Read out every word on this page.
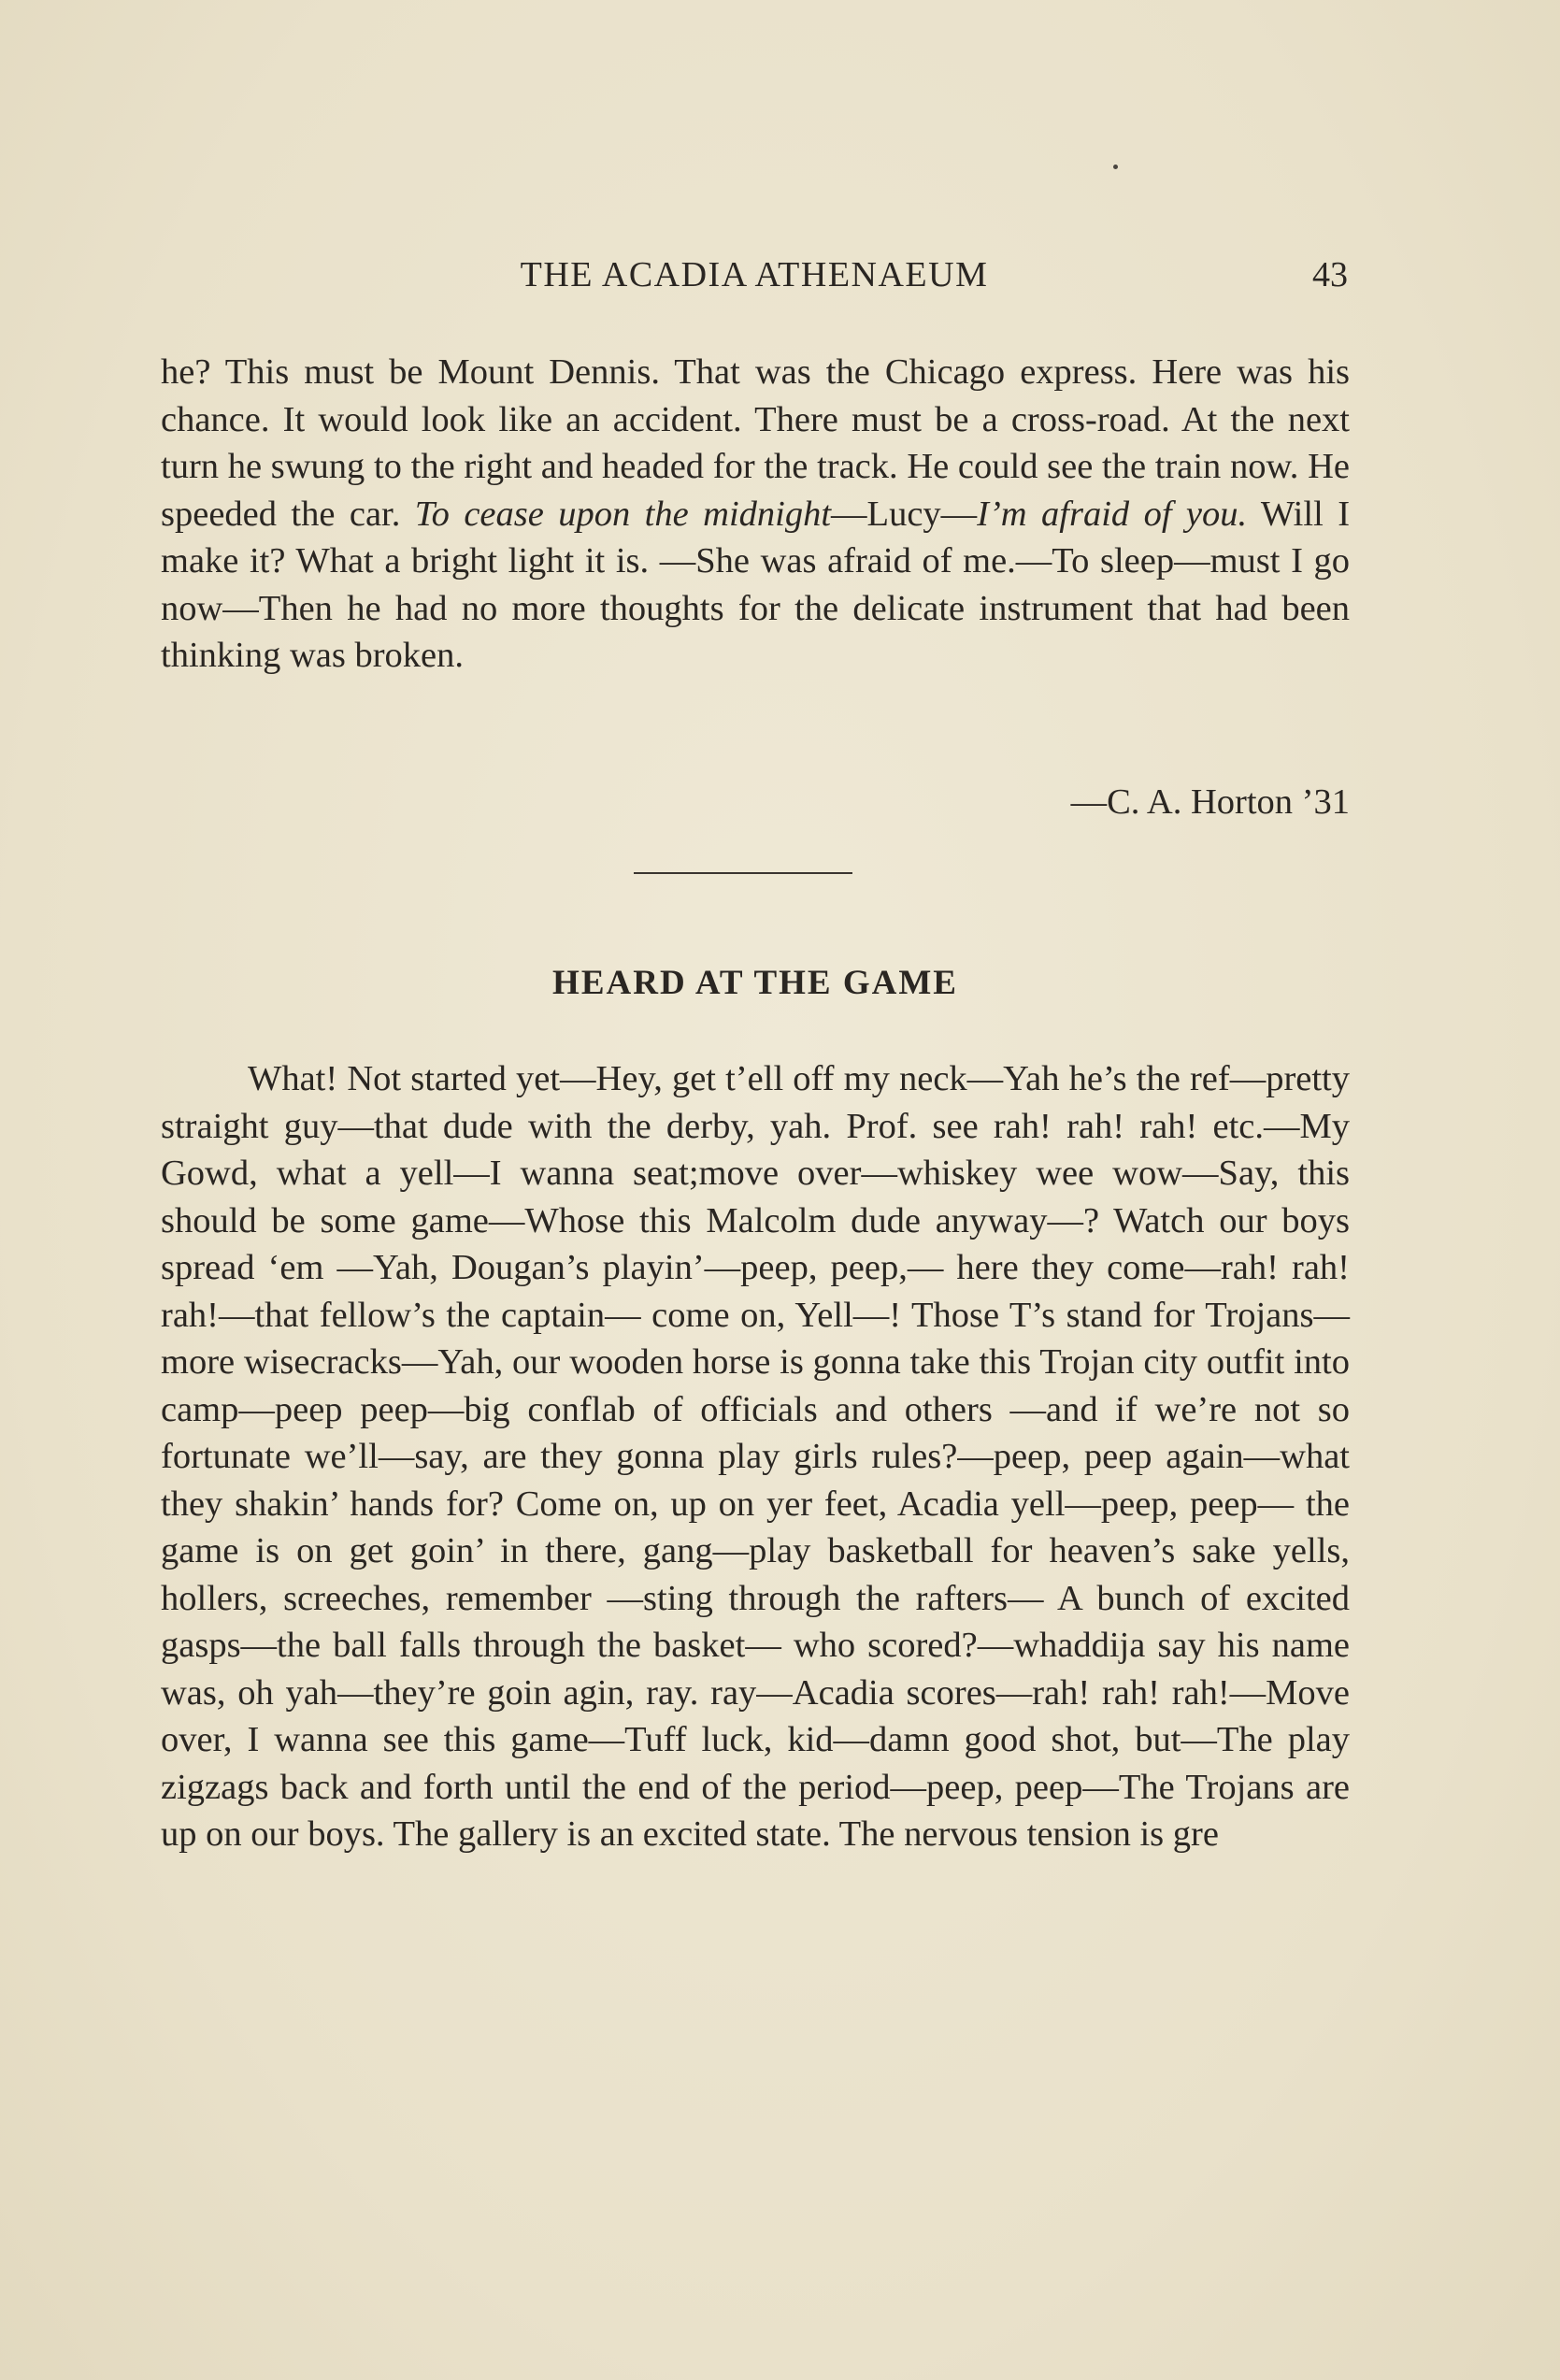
THE ACADIA ATHENAEUM	43

he? This must be Mount Dennis. That was the Chicago express. Here was his chance. It would look like an accident. There must be a cross-road. At the next turn he swung to the right and headed for the track. He could see the train now. He speeded the car. To cease upon the midnight—Lucy—I’m afraid of you. Will I make it? What a bright light it is. —She was afraid of me.—To sleep—must I go now—Then he had no more thoughts for the delicate instrument that had been thinking was broken.

—C. A. Horton ’31
HEARD AT THE GAME

What! Not started yet—Hey, get t’ell off my neck—Yah he’s the ref—pretty straight guy—that dude with the derby, yah. Prof. see rah! rah! rah! etc.—My Gowd, what a yell—I wanna seat;move over—whiskey wee wow—Say, this should be some game—Whose this Malcolm dude anyway—? Watch our boys spread ‘em —Yah, Dougan’s playin’—peep, peep,— here they come—rah! rah! rah!—that fellow’s the captain— come on, Yell—! Those T’s stand for Trojans—more wisecracks—Yah, our wooden horse is gonna take this Trojan city outfit into camp—peep peep—big conflab of officials and others —and if we’re not so fortunate we’ll—say, are they gonna play girls rules?—peep, peep again—what they shakin’ hands for? Come on, up on yer feet, Acadia yell—peep, peep— the game is on get goin’ in there, gang—play basketball for heaven’s sake yells, hollers, screeches, remember —sting through the rafters— A bunch of excited gasps—the ball falls through the basket— who scored?—whaddija say his name was, oh yah—they’re goin agin, ray. ray—Acadia scores—rah! rah! rah!—Move over, I wanna see this game—Tuff luck, kid—damn good shot, but—The play zigzags back and forth until the end of the period—peep, peep—The Trojans are up on our boys. The gallery is an excited state. The nervous tension is gre
